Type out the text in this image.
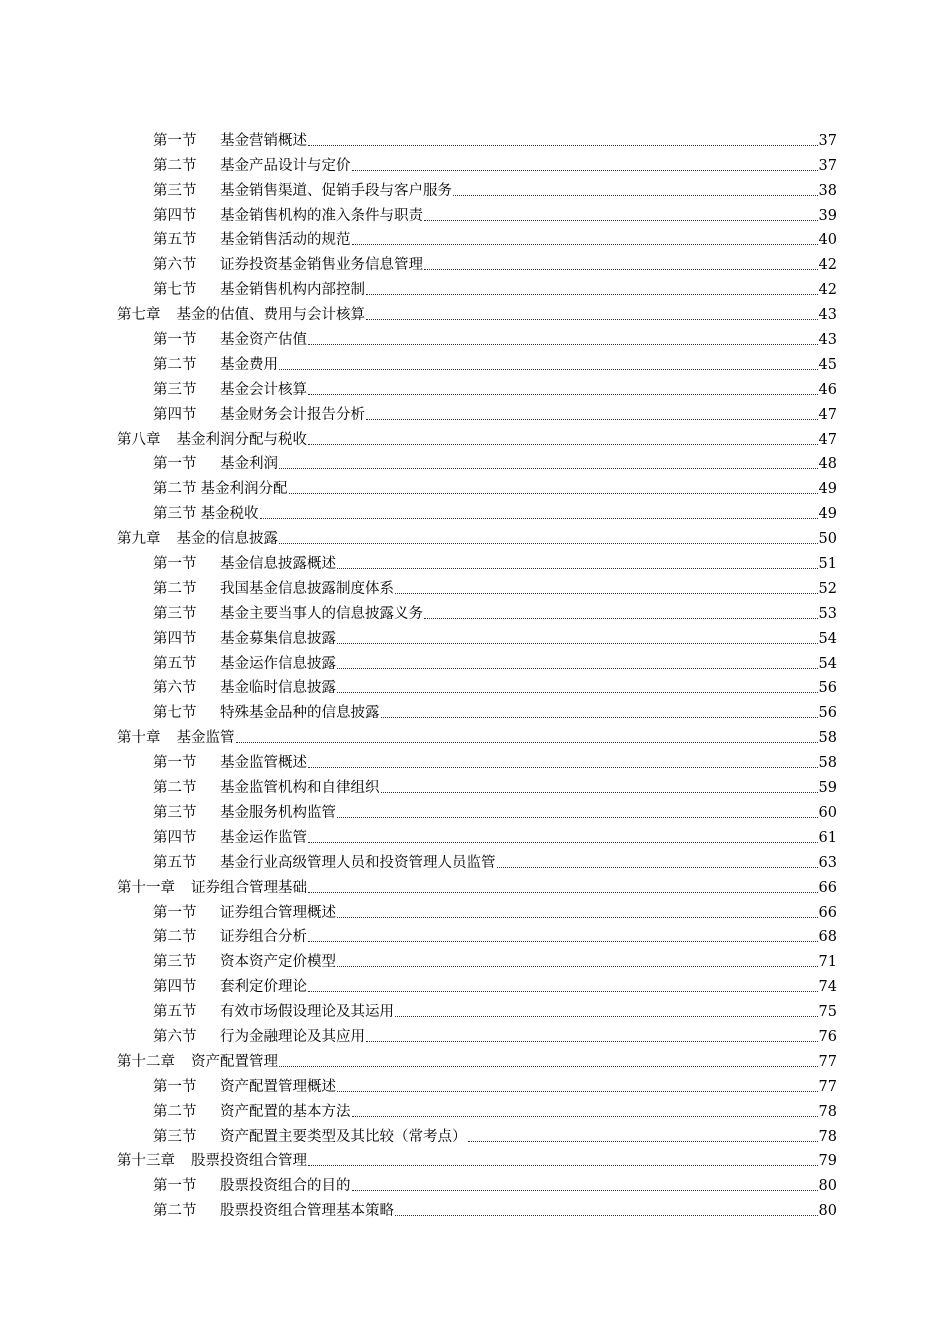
第一节	基金营销概述	37
第二节	基金产品设计与定价	37
第三节	基金销售渠道、促销手段与客户服务	38
第四节	基金销售机构的准入条件与职责	39
第五节	基金销售活动的规范	40
第六节	证券投资基金销售业务信息管理	42
第七节	基金销售机构内部控制	42
第七章 基金的估值、费用与会计核算	43
第一节	基金资产估值	43
第二节	基金费用	45
第三节	基金会计核算	46
第四节	基金财务会计报告分析	47
第八章 基金利润分配与税收	47
第一节	基金利润	48
第二节 基金利润分配	49
第三节 基金税收	49
第九章 基金的信息披露	50
第一节	基金信息披露概述	51
第二节	我国基金信息披露制度体系	52
第三节	基金主要当事人的信息披露义务	53
第四节	基金募集信息披露	54
第五节	基金运作信息披露	54
第六节	基金临时信息披露	56
第七节	特殊基金品种的信息披露	56
第十章 基金监管	58
第一节	基金监管概述	58
第二节	基金监管机构和自律组织	59
第三节	基金服务机构监管	60
第四节	基金运作监管	61
第五节	基金行业高级管理人员和投资管理人员监管	63
第十一章 证券组合管理基础	66
第一节	证券组合管理概述	66
第二节	证券组合分析	68
第三节	资本资产定价模型	71
第四节	套利定价理论	74
第五节	有效市场假设理论及其运用	75
第六节	行为金融理论及其应用	76
第十二章 资产配置管理	77
第一节	资产配置管理概述	77
第二节	资产配置的基本方法	78
第三节	资产配置主要类型及其比较（常考点）	78
第十三章 股票投资组合管理	79
第一节	股票投资组合的目的	80
第二节	股票投资组合管理基本策略	80
